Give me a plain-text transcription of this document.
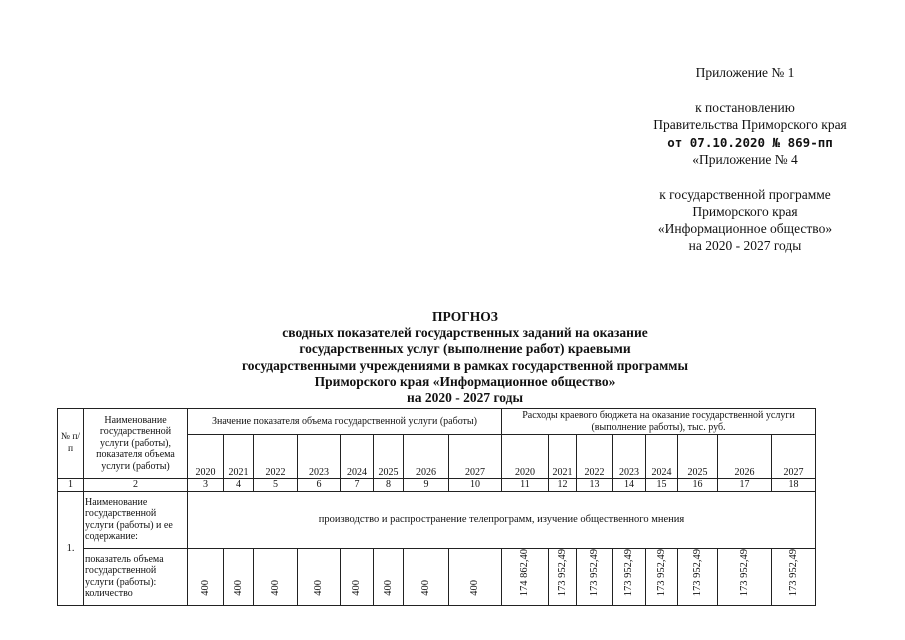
Приложение № 1
к постановлению
Правительства Приморского края
от 07.10.2020 № 869-пп
«Приложение № 4
к государственной программе
Приморского края
«Информационное общество»
на 2020 - 2027 годы
ПРОГНОЗ
сводных показателей государственных заданий на оказание
государственных услуг (выполнение работ) краевыми
государственными учреждениями в рамках государственной программы
Приморского края «Информационное общество»
на 2020 - 2027 годы
№ п/ п	Наименование государственной услуги (работы), показателя объема услуги (работы)	Значение показателя объема государственной услуги (работы)								Расходы краевого бюджета на оказание государственной услуги (выполнение работы), тыс. руб.							
		2020	2021	2022	2023	2024	2025	2026	2027	2020	2021	2022	2023	2024	2025	2026	2027
1	2	3	4	5	6	7	8	9	10	11	12	13	14	15	16	17	18
1.	Наименование государственной услуги (работы) и ее содержание:	производство и распространение телепрограмм, изучение общественного мнения															
	показатель объема государственной услуги (работы): количество	400	400	400	400	400	400	400	400	174 862,40	173 952,49	173 952,49	173 952,49	173 952,49	173 952,49	173 952,49	173 952,49
